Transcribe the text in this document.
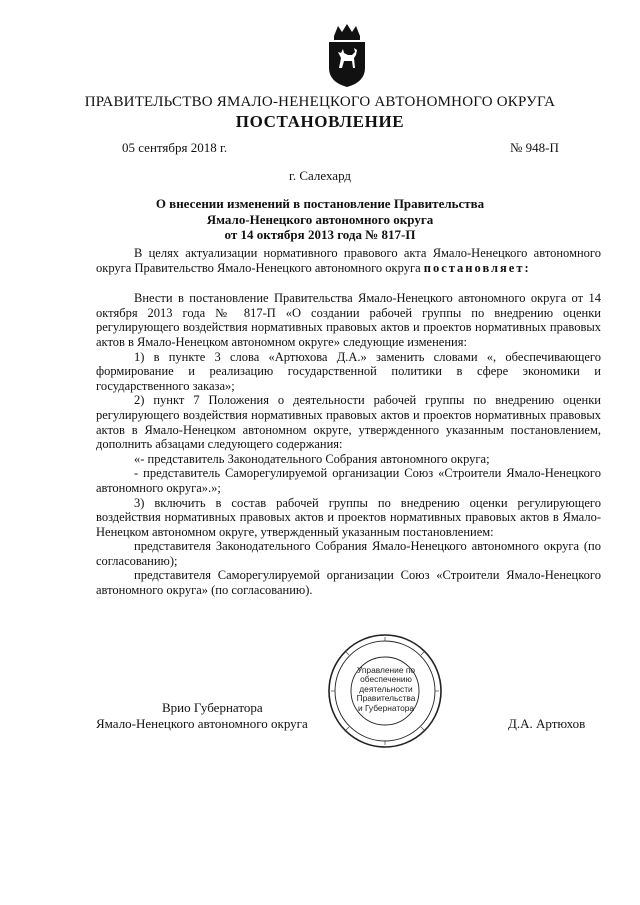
ПРАВИТЕЛЬСТВО ЯМАЛО-НЕНЕЦКОГО АВТОНОМНОГО ОКРУГА
ПОСТАНОВЛЕНИЕ
05 сентября 2018 г.	№ 948-П
г. Салехард
О внесении изменений в постановление Правительства
Ямало-Ненецкого автономного округа
от 14 октября 2013 года № 817-П

В целях актуализации нормативного правового акта Ямало-Ненецкого автономного округа Правительство Ямало-Ненецкого автономного округа постановляет:

Внести в постановление Правительства Ямало-Ненецкого автономного округа от 14 октября 2013 года № 817-П «О создании рабочей группы по внедрению оценки регулирующего воздействия нормативных правовых актов и проектов нормативных правовых актов в Ямало-Ненецком автономном округе» следующие изменения:

1) в пункте 3 слова «Артюхова Д.А.» заменить словами «, обеспечивающего формирование и реализацию государственной политики в сфере экономики и государственного заказа»;

2) пункт 7 Положения о деятельности рабочей группы по внедрению оценки регулирующего воздействия нормативных правовых актов и проектов нормативных правовых актов в Ямало-Ненецком автономном округе, утвержденного указанным постановлением, дополнить абзацами следующего содержания:

«- представитель Законодательного Собрания автономного округа;

- представитель Саморегулируемой организации Союз «Строители Ямало-Ненецкого автономного округа».»;

3) включить в состав рабочей группы по внедрению оценки регулирующего воздействия нормативных правовых актов и проектов нормативных правовых актов в Ямало-Ненецком автономном округе, утвержденный указанным постановлением:

представителя Законодательного Собрания Ямало-Ненецкого автономного округа (по согласованию);

представителя Саморегулируемой организации Союз «Строители Ямало-Ненецкого автономного округа» (по согласованию).

Управление по
обеспечению
деятельности
Правительства
и Губернатора
Врио Губернатора
Ямало-Ненецкого автономного округа	Д.А. Артюхов
